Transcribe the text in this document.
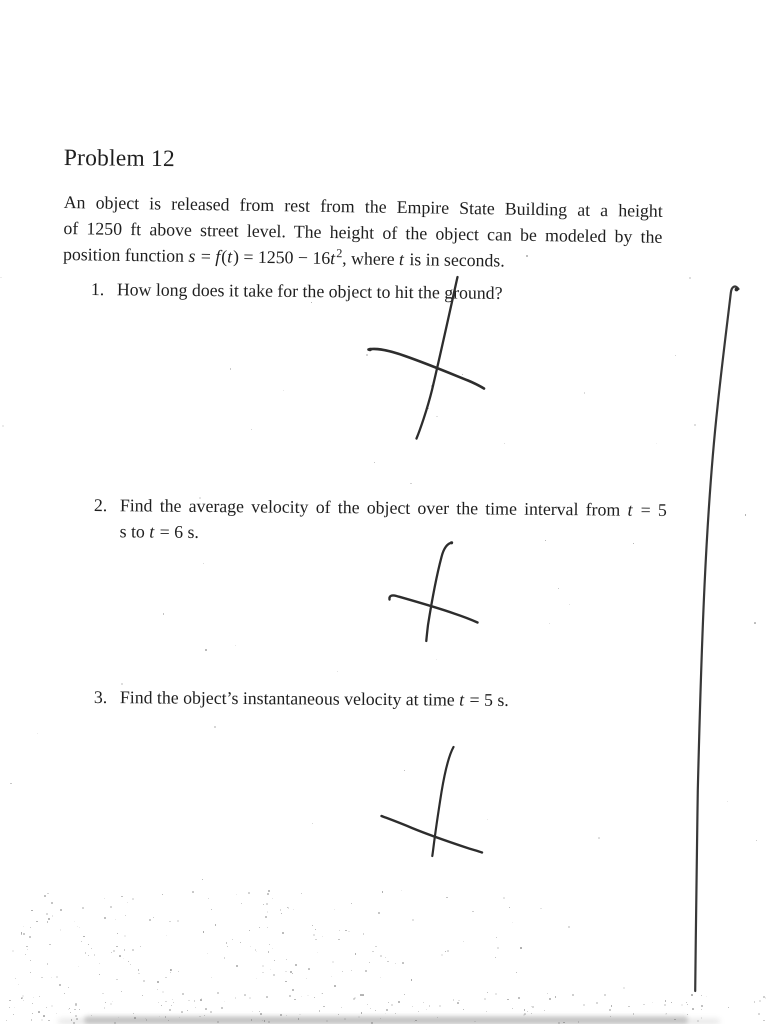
Problem 12
An object is released from rest from the Empire State Building at a height
of 1250 ft above street level. The height of the object can be modeled by the
position function $s = f(t) = 1250 - 16t^2$, where t is in seconds.
1. How long does it take for the object to hit the ground?
2. Find the average velocity of the object over the time interval from t = 5
s to t = 6 s.
3. Find the object’s instantaneous velocity at time t = 5 s.
